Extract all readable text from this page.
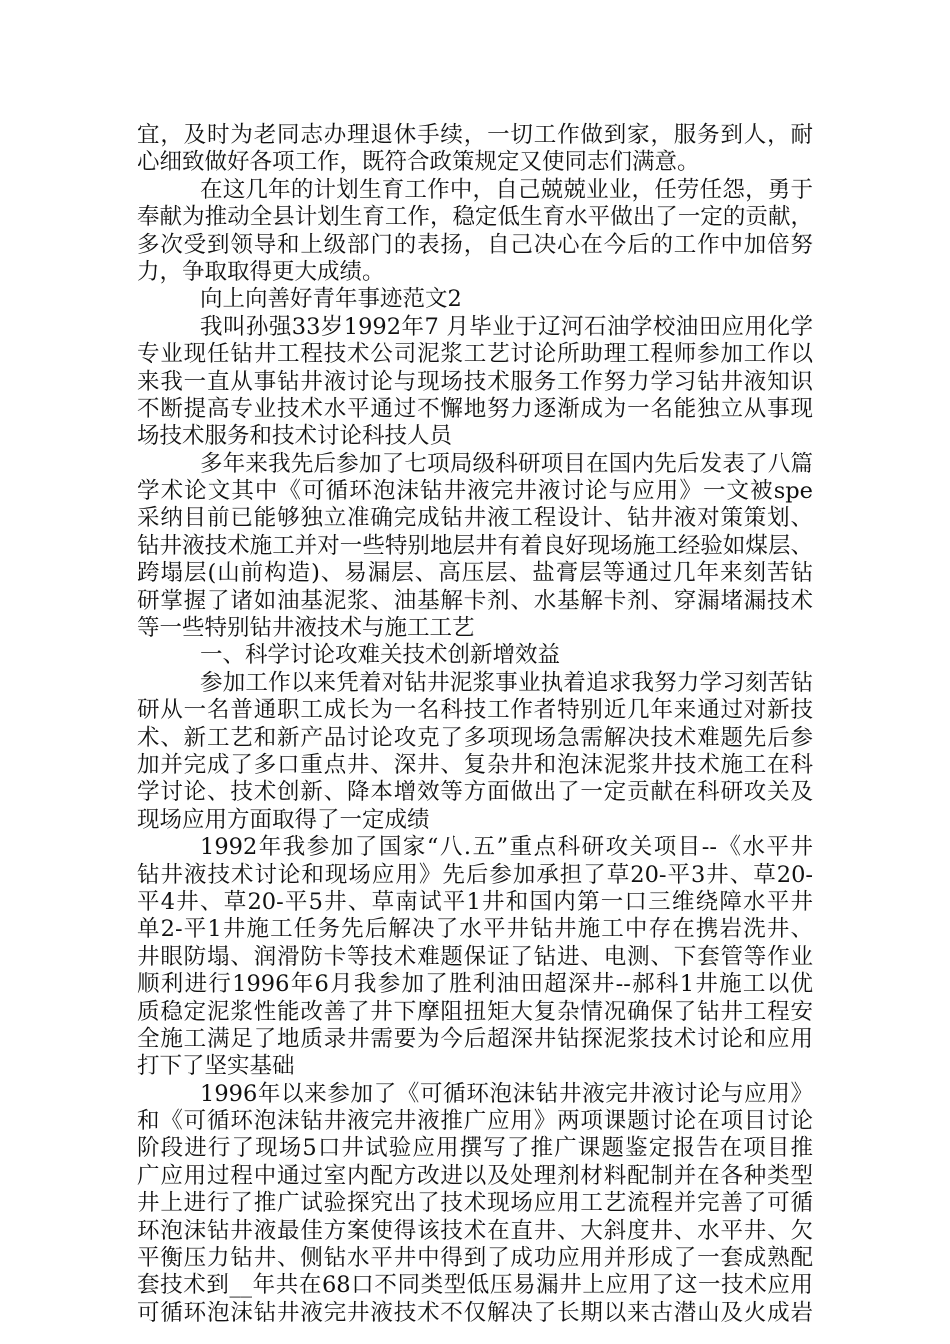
宜，及时为老同志办理退休手续，一切工作做到家，服务到人，耐
心细致做好各项工作，既符合政策规定又使同志们满意。
在这几年的计划生育工作中，自己兢兢业业，任劳任怨，勇于
奉献为推动全县计划生育工作，稳定低生育水平做出了一定的贡献，
多次受到领导和上级部门的表扬，自己决心在今后的工作中加倍努
力，争取取得更大成绩。
向上向善好青年事迹范文2
我叫孙强33岁1992年7 月毕业于辽河石油学校油田应用化学
专业现任钻井工程技术公司泥浆工艺讨论所助理工程师参加工作以
来我一直从事钻井液讨论与现场技术服务工作努力学习钻井液知识
不断提高专业技术水平通过不懈地努力逐渐成为一名能独立从事现
场技术服务和技术讨论科技人员
多年来我先后参加了七项局级科研项目在国内先后发表了八篇
学术论文其中《可循环泡沫钻井液完井液讨论与应用》一文被spe
采纳目前已能够独立准确完成钻井液工程设计、钻井液对策策划、
钻井液技术施工并对一些特别地层井有着良好现场施工经验如煤层、
跨塌层(山前构造)、易漏层、高压层、盐膏层等通过几年来刻苦钻
研掌握了诸如油基泥浆、油基解卡剂、水基解卡剂、穿漏堵漏技术
等一些特别钻井液技术与施工工艺
一、科学讨论攻难关技术创新增效益
参加工作以来凭着对钻井泥浆事业执着追求我努力学习刻苦钻
研从一名普通职工成长为一名科技工作者特别近几年来通过对新技
术、新工艺和新产品讨论攻克了多项现场急需解决技术难题先后参
加并完成了多口重点井、深井、复杂井和泡沫泥浆井技术施工在科
学讨论、技术创新、降本增效等方面做出了一定贡献在科研攻关及
现场应用方面取得了一定成绩
1992年我参加了国家“八.五”重点科研攻关项目--《水平井
钻井液技术讨论和现场应用》先后参加承担了草20-平3井、草20-
平4井、草20-平5井、草南试平1井和国内第一口三维绕障水平井
单2-平1井施工任务先后解决了水平井钻井施工中存在携岩洗井、
井眼防塌、润滑防卡等技术难题保证了钻进、电测、下套管等作业
顺利进行1996年6月我参加了胜利油田超深井--郝科1井施工以优
质稳定泥浆性能改善了井下摩阻扭矩大复杂情况确保了钻井工程安
全施工满足了地质录井需要为今后超深井钻探泥浆技术讨论和应用
打下了坚实基础
1996年以来参加了《可循环泡沫钻井液完井液讨论与应用》
和《可循环泡沫钻井液完井液推广应用》两项课题讨论在项目讨论
阶段进行了现场5口井试验应用撰写了推广课题鉴定报告在项目推
广应用过程中通过室内配方改进以及处理剂材料配制并在各种类型
井上进行了推广试验探究出了技术现场应用工艺流程并完善了可循
环泡沫钻井液最佳方案使得该技术在直井、大斜度井、水平井、欠
平衡压力钻井、侧钻水平井中得到了成功应用并形成了一套成熟配
套技术到__年共在68口不同类型低压易漏井上应用了这一技术应用
可循环泡沫钻井液完井液技术不仅解决了长期以来古潜山及火成岩
